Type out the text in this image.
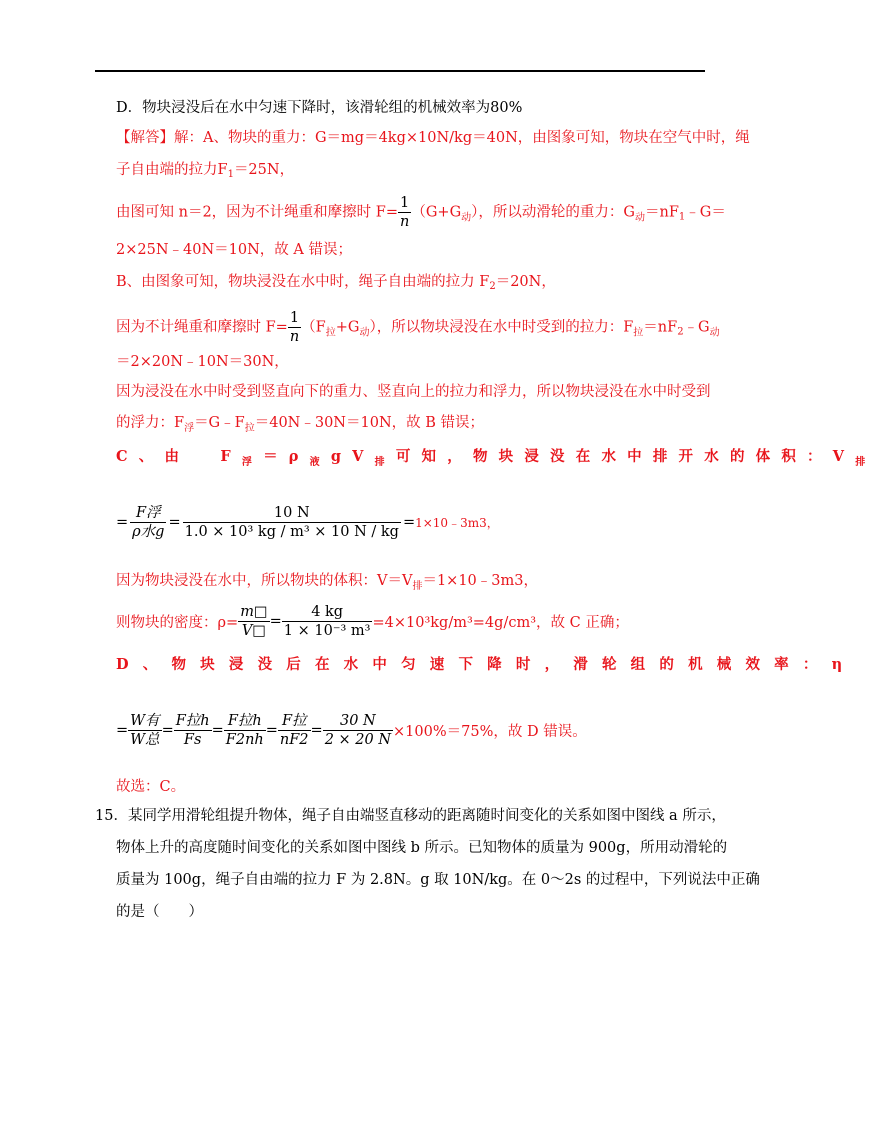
D．物块浸没后在水中匀速下降时，该滑轮组的机械效率为80%
【解答】解：A、物块的重力：G＝mg＝4kg×10N/kg＝40N，由图象可知，物块在空气中时，绳
子自由端的拉力$F_1=25N$，
由图可知 n＝2，因为不计绳重和摩擦时 $F= \frac{1}{n} (G+G_动)$，所以动滑轮的重力：$G_动=nF_1﹣G=$
2×25N﹣40N＝10N，故 A 错误；
B、由图象可知，物块浸没在水中时，绳子自由端的拉力 $F_2=20N$，
因为不计绳重和摩擦时 $F= \frac{1}{n} (F_拉+G_动)$，所以物块浸没在水中时受到的拉力：$F_拉=nF_2﹣G_动$
＝2×20N﹣10N＝30N，
因为浸没在水中时受到竖直向下的重力、竖直向上的拉力和浮力，所以物块浸没在水中时受到
的浮力：$F_浮=G﹣F_拉=40N﹣30N=10N$，故 B 错误；
C、由 $F_浮=\rho_液gV_排$可知，物块浸没在水中排开水的体积：$V_排$
= $\frac{\text{F浮}}{\text{ρ水g}} = \frac{10 N}{\text{1.0 × 10³ kg / m³ × 10 N / kg}}$ =1×10﹣3m3，
因为物块浸没在水中，所以物块的体积：$V=V_排=1\times 10﹣3m3$，
则物块的密度：$\rho= \frac{m□}{V□} = \frac{4 kg}{\text{1 × 10⁻³ m³}} =4\times 10^3kg/m^3=4g/cm^3$，故 C 正确；
D、物块浸没后在水中匀速下降时，滑轮组的机械效率：η
= $\frac{\text{W有}}{\text{W总}} = \frac{\text{F拉h}}{Fs} = \frac{\text{F拉h}}{F2nh} = \frac{\text{F拉}}{nF2} = \frac{30 N}{2 \times 20 N} \times 100\%=75\%$，故 D 错误。
故选：C。
15．某同学用滑轮组提升物体，绳子自由端竖直移动的距离随时间变化的关系如图中图线 a 所示，
物体上升的高度随时间变化的关系如图中图线 b 所示。已知物体的质量为 900g，所用动滑轮的
质量为 100g，绳子自由端的拉力 F 为 2.8N。g 取 10N/kg。在 0～2s 的过程中，下列说法中正确
的是（　　）
